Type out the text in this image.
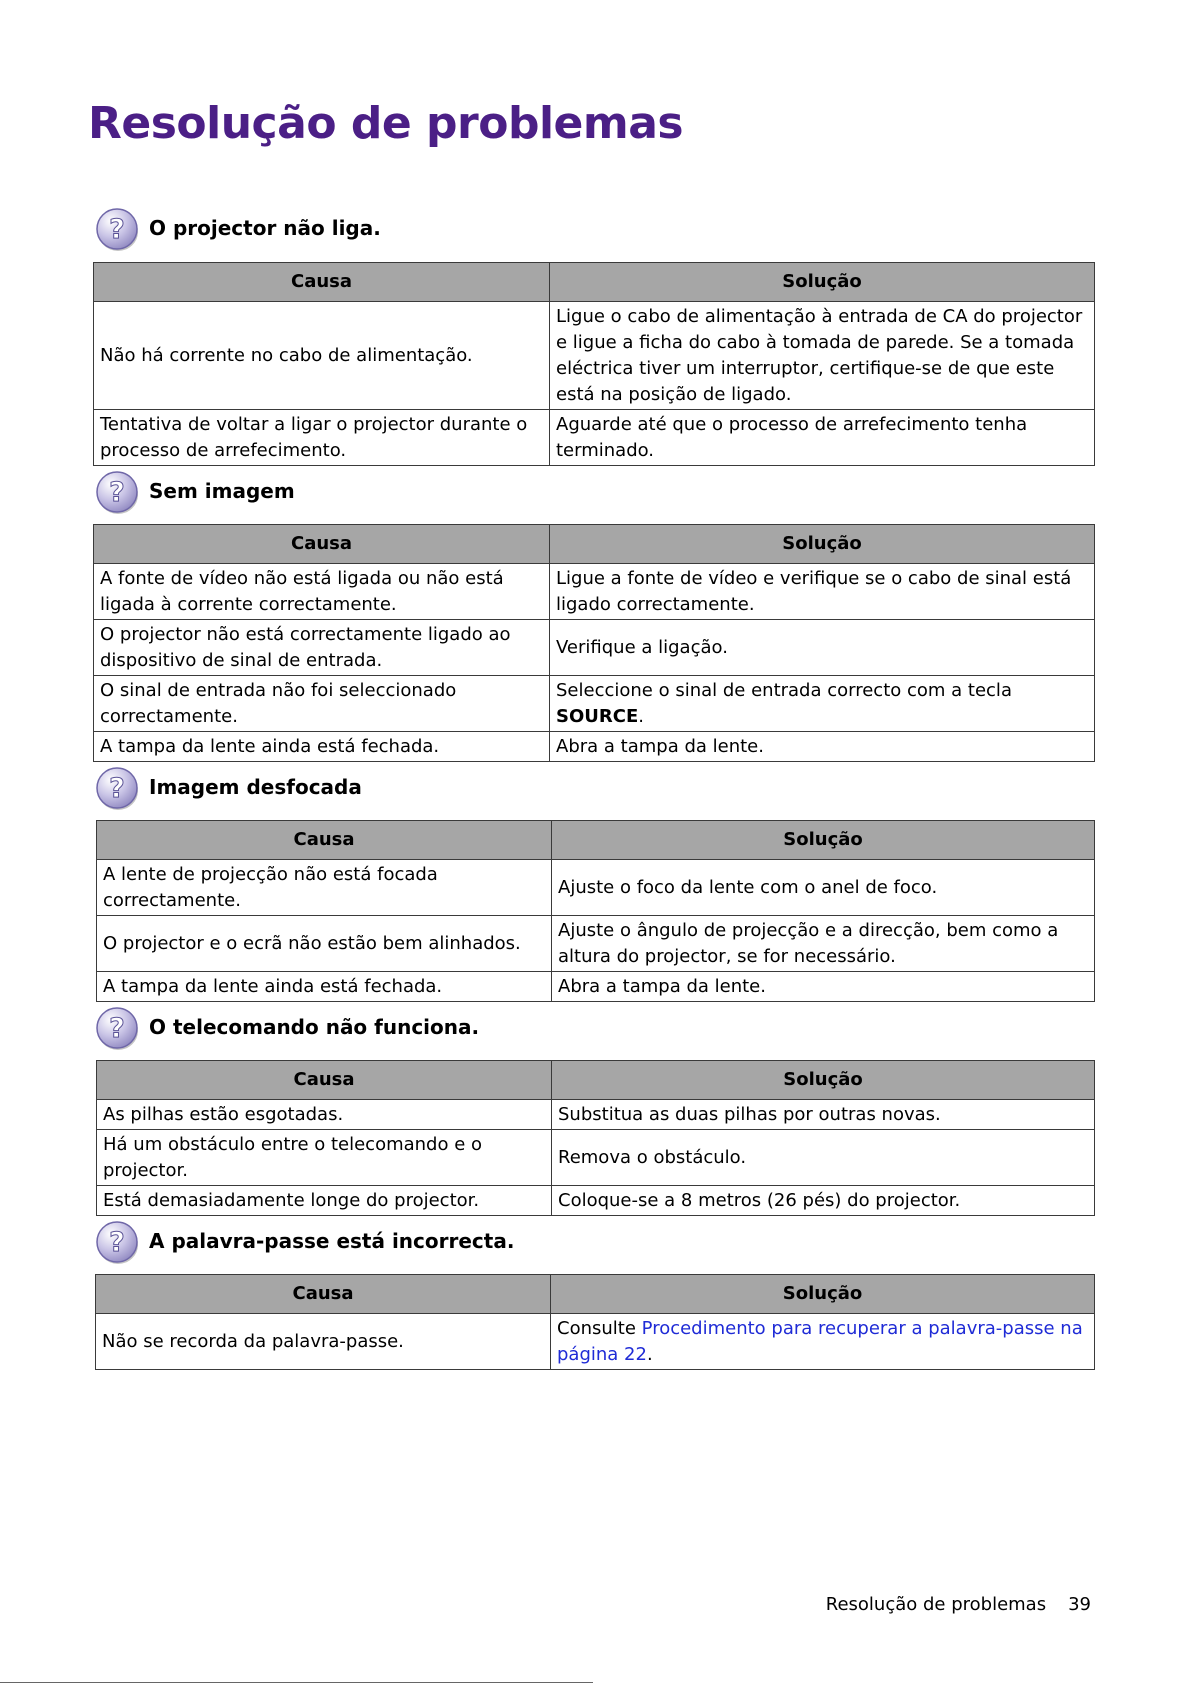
Resolução de problemas
? O projector não liga.
Causa	Solução
Não há corrente no cabo de alimentação.	Ligue o cabo de alimentação à entrada de CA do projector e ligue a ficha do cabo à tomada de parede. Se a tomada eléctrica tiver um interruptor, certifique-se de que este está na posição de ligado.
Tentativa de voltar a ligar o projector durante o processo de arrefecimento.	Aguarde até que o processo de arrefecimento tenha terminado.
? Sem imagem
Causa	Solução
A fonte de vídeo não está ligada ou não está ligada à corrente correctamente.	Ligue a fonte de vídeo e verifique se o cabo de sinal está ligado correctamente.
O projector não está correctamente ligado ao dispositivo de sinal de entrada.	Verifique a ligação.
O sinal de entrada não foi seleccionado correctamente.	Seleccione o sinal de entrada correcto com a tecla SOURCE.
A tampa da lente ainda está fechada.	Abra a tampa da lente.
? Imagem desfocada
Causa	Solução
A lente de projecção não está focada correctamente.	Ajuste o foco da lente com o anel de foco.
O projector e o ecrã não estão bem alinhados.	Ajuste o ângulo de projecção e a direcção, bem como a altura do projector, se for necessário.
A tampa da lente ainda está fechada.	Abra a tampa da lente.
? O telecomando não funciona.
Causa	Solução
As pilhas estão esgotadas.	Substitua as duas pilhas por outras novas.
Há um obstáculo entre o telecomando e o projector.	Remova o obstáculo.
Está demasiadamente longe do projector.	Coloque-se a 8 metros (26 pés) do projector.
? A palavra-passe está incorrecta.
Causa	Solução
Não se recorda da palavra-passe.	Consulte Procedimento para recuperar a palavra-passe na página 22.
Resolução de problemas 39
